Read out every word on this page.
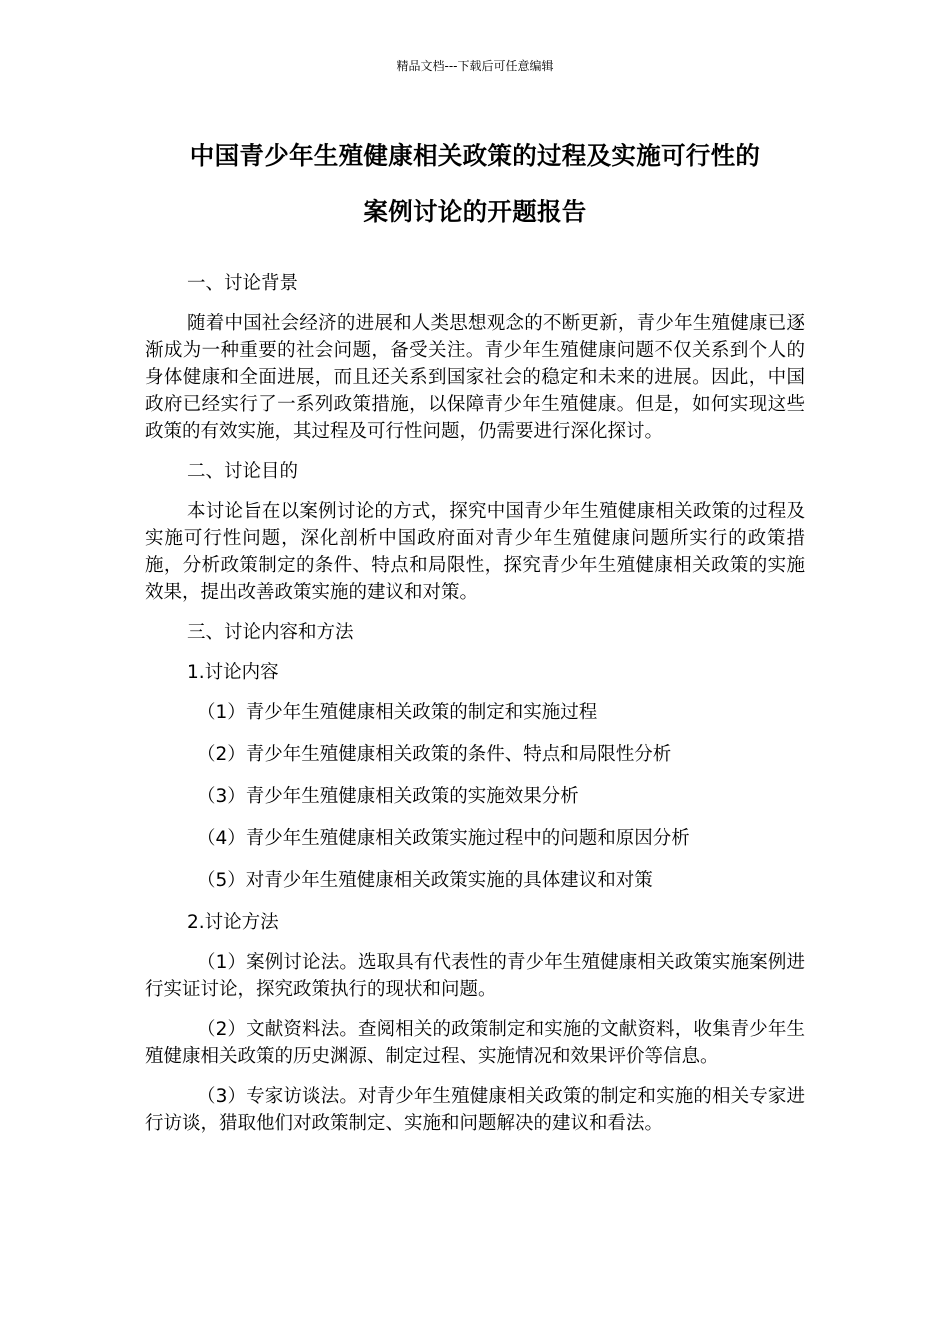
精品文档---下载后可任意编辑
中国青少年生殖健康相关政策的过程及实施可行性的
案例讨论的开题报告
一、讨论背景
随着中国社会经济的进展和人类思想观念的不断更新，青少年生殖健康已逐渐成为一种重要的社会问题，备受关注。青少年生殖健康问题不仅关系到个人的身体健康和全面进展，而且还关系到国家社会的稳定和未来的进展。因此，中国政府已经实行了一系列政策措施，以保障青少年生殖健康。但是，如何实现这些政策的有效实施，其过程及可行性问题，仍需要进行深化探讨。
二、讨论目的
本讨论旨在以案例讨论的方式，探究中国青少年生殖健康相关政策的过程及实施可行性问题，深化剖析中国政府面对青少年生殖健康问题所实行的政策措施，分析政策制定的条件、特点和局限性，探究青少年生殖健康相关政策的实施效果，提出改善政策实施的建议和对策。
三、讨论内容和方法
1.讨论内容
（1）青少年生殖健康相关政策的制定和实施过程
（2）青少年生殖健康相关政策的条件、特点和局限性分析
（3）青少年生殖健康相关政策的实施效果分析
（4）青少年生殖健康相关政策实施过程中的问题和原因分析
（5）对青少年生殖健康相关政策实施的具体建议和对策
2.讨论方法
（1）案例讨论法。选取具有代表性的青少年生殖健康相关政策实施案例进行实证讨论，探究政策执行的现状和问题。
（2）文献资料法。查阅相关的政策制定和实施的文献资料，收集青少年生殖健康相关政策的历史渊源、制定过程、实施情况和效果评价等信息。
（3）专家访谈法。对青少年生殖健康相关政策的制定和实施的相关专家进行访谈，猎取他们对政策制定、实施和问题解决的建议和看法。
